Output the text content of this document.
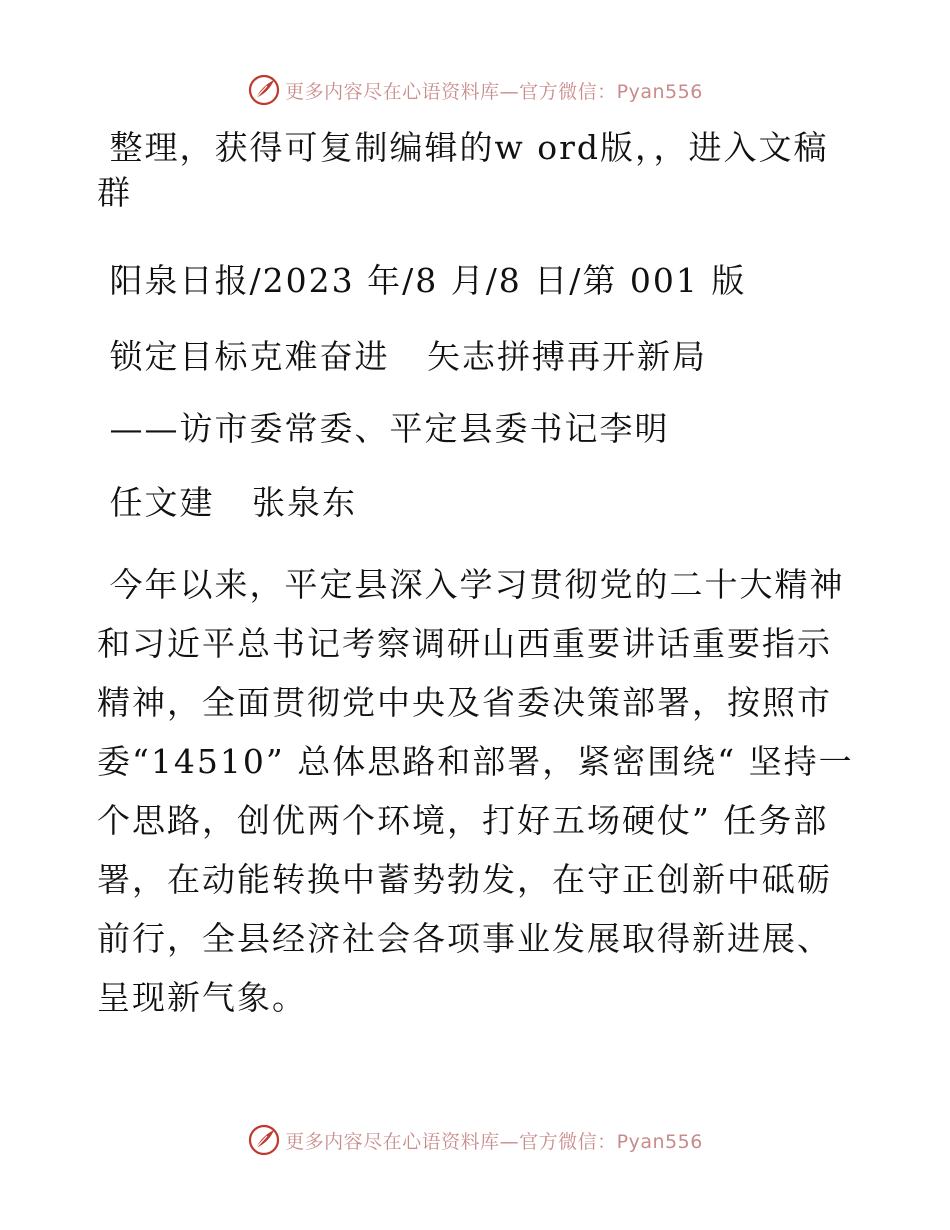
更多内容尽在心语资料库—官方微信：Pyan556

整理，获得可复制编辑的w ord版，，进入文稿群

阳泉日报/2023 年/8 月/8 日/第 001 版

锁定目标克难奋进   矢志拼搏再开新局

——访市委常委、平定县委书记李明

任文建   张泉东

今年以来，平定县深入学习贯彻党的二十大精神和习近平总书记考察调研山西重要讲话重要指示精神，全面贯彻党中央及省委决策部署，按照市委“14510” 总体思路和部署，紧密围绕“ 坚持一个思路，创优两个环境，打好五场硬仗” 任务部署，在动能转换中蓄势勃发，在守正创新中砥砺前行，全县经济社会各项事业发展取得新进展、呈现新气象。

更多内容尽在心语资料库—官方微信：Pyan556
